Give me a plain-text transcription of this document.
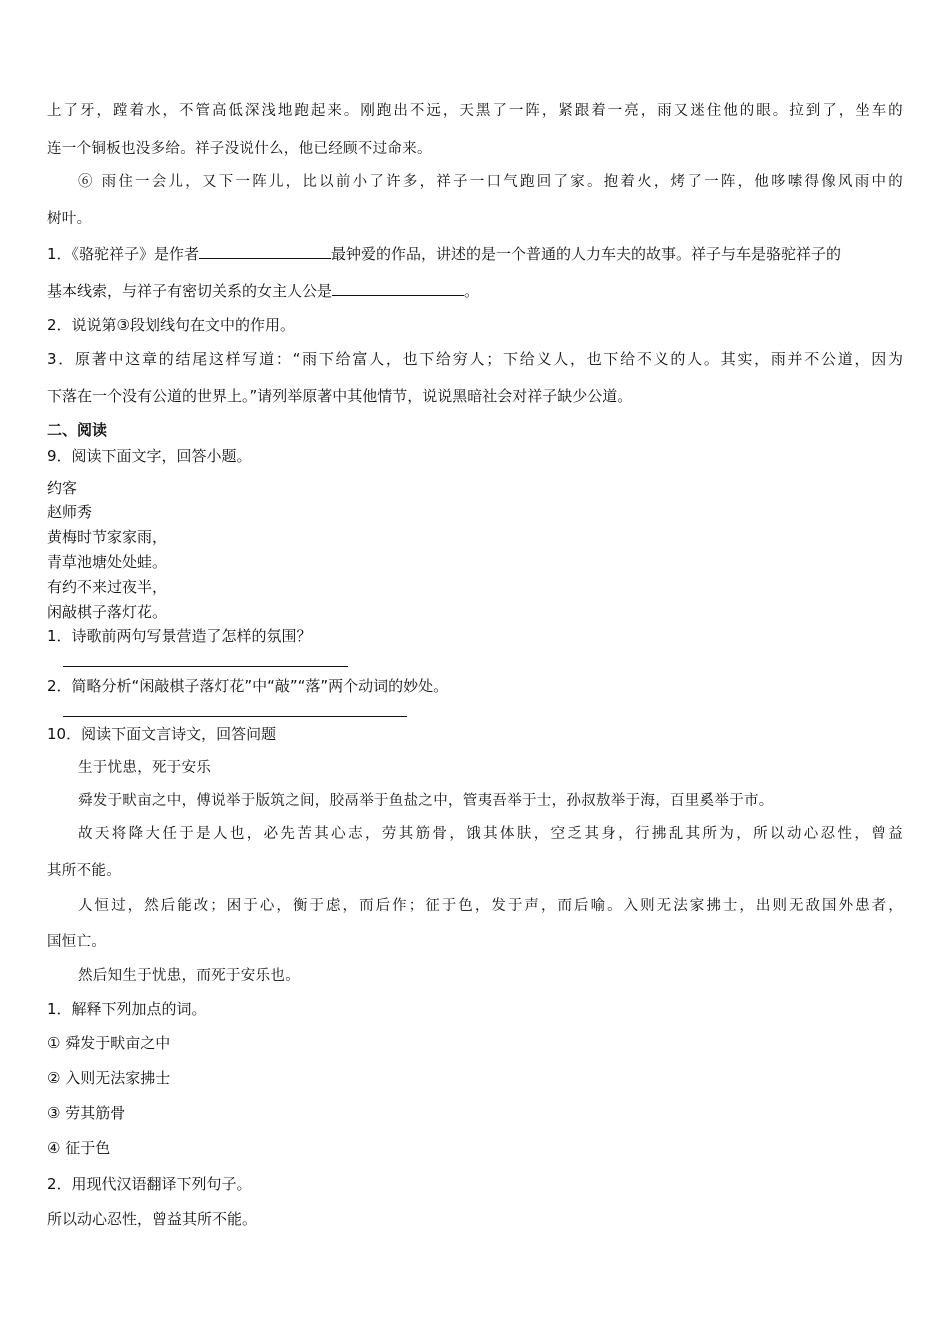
上了牙，蹚着水，不管高低深浅地跑起来。刚跑出不远，天黑了一阵，紧跟着一亮，雨又迷住他的眼。拉到了，坐车的
连一个铜板也没多给。祥子没说什么，他已经顾不过命来。
⑥ 雨住一会儿，又下一阵儿，比以前小了许多，祥子一口气跑回了家。抱着火，烤了一阵，他哆嗦得像风雨中的
树叶。
1．《骆驼祥子》是作者	最钟爱的作品，讲述的是一个普通的人力车夫的故事。祥子与车是骆驼祥子的
基本线索，与祥子有密切关系的女主人公是	。
2．说说第③段划线句在文中的作用。
3．原著中这章的结尾这样写道：“雨下给富人，也下给穷人；下给义人，也下给不义的人。其实，雨并不公道，因为
下落在一个没有公道的世界上。”请列举原著中其他情节，说说黑暗社会对祥子缺少公道。
二、阅读
9．阅读下面文字，回答小题。
约客
赵师秀
黄梅时节家家雨，
青草池塘处处蛙。
有约不来过夜半，
闲敲棋子落灯花。
1．诗歌前两句写景营造了怎样的氛围？
2．简略分析“闲敲棋子落灯花”中“敲”“落”两个动词的妙处。
10．阅读下面文言诗文，回答问题
生于忧患，死于安乐
舜发于畎亩之中，傅说举于版筑之间，胶鬲举于鱼盐之中，管夷吾举于士，孙叔敖举于海，百里奚举于市。
故天将降大任于是人也，必先苦其心志，劳其筋骨，饿其体肤，空乏其身，行拂乱其所为，所以动心忍性，曾益
其所不能。
人恒过，然后能改；困于心，衡于虑，而后作；征于色，发于声，而后喻。入则无法家拂士，出则无敌国外患者，
国恒亡。
然后知生于忧患，而死于安乐也。
1．解释下列加点的词。
① 舜发于畎亩之中
② 入则无法家拂士
③ 劳其筋骨
④ 征于色
2．用现代汉语翻译下列句子。
所以动心忍性，曾益其所不能。
